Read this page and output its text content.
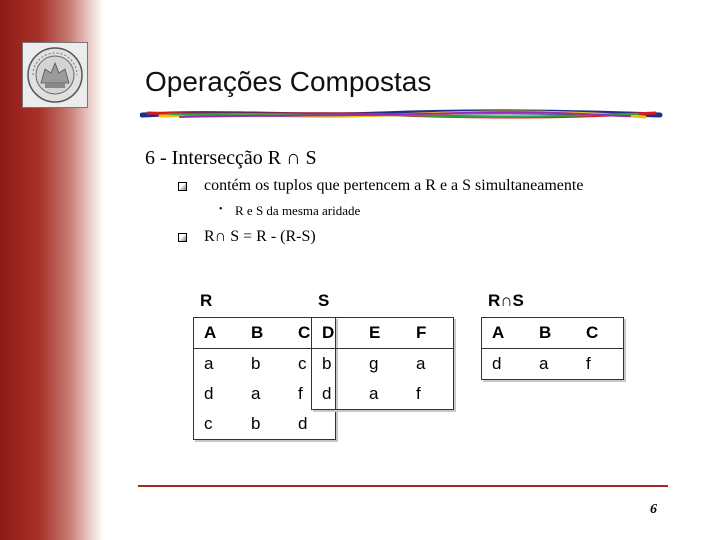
Operações Compostas
6 - Intersecção R ∩ S
contém os tuplos que pertencem a R e a S simultaneamente
• R e S da mesma aridade
R∩ S = R - (R-S)
R
A	B	C
a	b	c
d	a	f
c	b	d
S
D	E	F
b	g	a
d	a	f
R∩S
A	B	C
d	a	f
6
